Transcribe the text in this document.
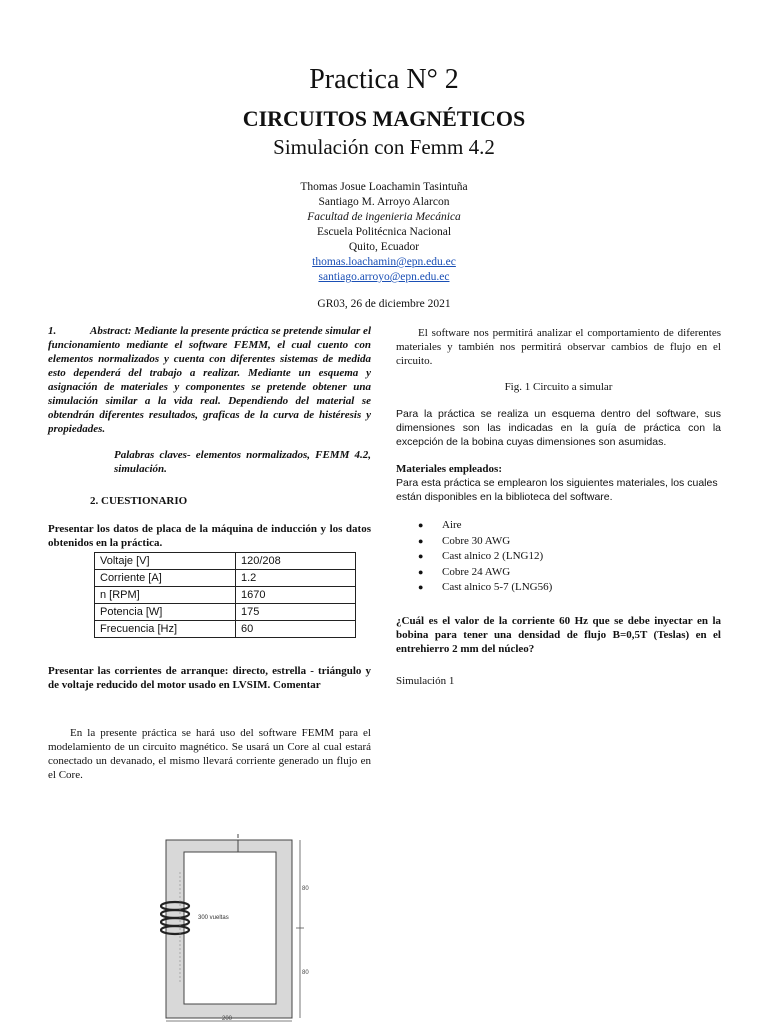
Practica N° 2
CIRCUITOS MAGNÉTICOS
Simulación con Femm 4.2
Thomas Josue Loachamin Tasintuña
Santiago M. Arroyo Alarcon
Facultad de ingenieria Mecánica
Escuela Politécnica Nacional
Quito, Ecuador
thomas.loachamin@epn.edu.ec
santiago.arroyo@epn.edu.ec
GR03, 26 de diciembre 2021

1.	Abstract: Mediante la presente práctica se pretende simular el funcionamiento mediante el software FEMM, el cual cuento con elementos normalizados y cuenta con diferentes sistemas de medida esto dependerá del trabajo a realizar. Mediante un esquema y asignación de materiales y componentes se pretende obtener una simulación similar a la vida real. Dependiendo del material se obtendrán diferentes resultados, graficas de la curva de histéresis y propiedades.

Palabras claves- elementos normalizados, FEMM 4.2, simulación.

2. CUESTIONARIO

Presentar los datos de placa de la máquina de inducción y los datos obtenidos en la práctica.

Voltaje [V]	120/208
Corriente [A]	1.2
n [RPM]	1670
Potencia [W]	175
Frecuencia [Hz]	60

Presentar las corrientes de arranque: directo, estrella - triángulo y de voltaje reducido del motor usado en LVSIM. Comentar

En la presente práctica se hará uso del software FEMM para el modelamiento de un circuito magnético. Se usará un Core al cual estará conectado un devanado, el mismo llevará corriente generado un flujo en el Core.

300 vueltas
80
80
200

El software nos permitirá analizar el comportamiento de diferentes materiales y también nos permitirá observar cambios de flujo en el circuito.

Fig. 1 Circuito a simular

Para la práctica se realiza un esquema dentro del software, sus dimensiones son las indicadas en la guía de práctica con la excepción de la bobina cuyas dimensiones son asumidas.

Materiales empleados:

Para esta práctica se emplearon los siguientes materiales, los cuales están disponibles en la biblioteca del software.

●	Aire
●	Cobre 30 AWG
●	Cast alnico 2 (LNG12)
●	Cobre 24 AWG
●	Cast alnico 5-7 (LNG56)

¿Cuál es el valor de la corriente 60 Hz que se debe inyectar en la bobina para tener una densidad de flujo B=0,5T (Teslas) en el entrehierro 2 mm del núcleo?

Simulación 1
